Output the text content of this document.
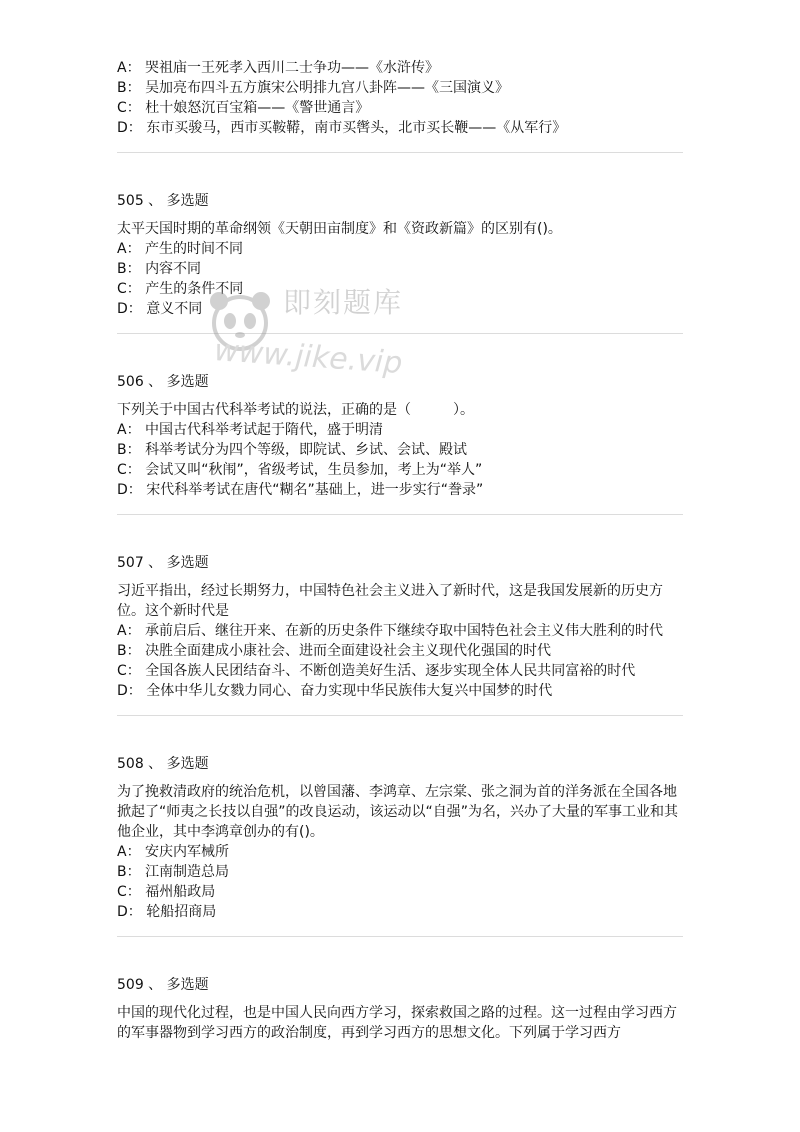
A： 哭祖庙一王死孝入西川二士争功——《水浒传》
B： 吴加亮布四斗五方旗宋公明排九宫八卦阵——《三国演义》
C： 杜十娘怒沉百宝箱——《警世通言》
D： 东市买骏马，西市买鞍鞯，南市买辔头，北市买长鞭——《从军行》

505 、 多选题

太平天国时期的革命纲领《天朝田亩制度》和《资政新篇》的区别有()。

A： 产生的时间不同
B： 内容不同
C： 产生的条件不同
D： 意义不同

506 、 多选题

下列关于中国古代科举考试的说法，正确的是（　　　）。

A： 中国古代科举考试起于隋代，盛于明清
B： 科举考试分为四个等级，即院试、乡试、会试、殿试
C： 会试又叫“秋闱”，省级考试，生员参加，考上为“举人”
D： 宋代科举考试在唐代“糊名”基础上，进一步实行“誊录”

507 、 多选题

习近平指出，经过长期努力，中国特色社会主义进入了新时代，这是我国发展新的历史方位。这个新时代是

A： 承前启后、继往开来、在新的历史条件下继续夺取中国特色社会主义伟大胜利的时代
B： 决胜全面建成小康社会、进而全面建设社会主义现代化强国的时代
C： 全国各族人民团结奋斗、不断创造美好生活、逐步实现全体人民共同富裕的时代
D： 全体中华儿女戮力同心、奋力实现中华民族伟大复兴中国梦的时代

508 、 多选题

为了挽救清政府的统治危机，以曾国藩、李鸿章、左宗棠、张之洞为首的洋务派在全国各地掀起了“师夷之长技以自强”的改良运动，该运动以“自强”为名，兴办了大量的军事工业和其他企业，其中李鸿章创办的有()。

A： 安庆内军械所
B： 江南制造总局
C： 福州船政局
D： 轮船招商局

509 、 多选题

中国的现代化过程，也是中国人民向西方学习，探索救国之路的过程。这一过程由学习西方的军事器物到学习西方的政治制度，再到学习西方的思想文化。下列属于学习西方

即刻题库
www.jike.vip
